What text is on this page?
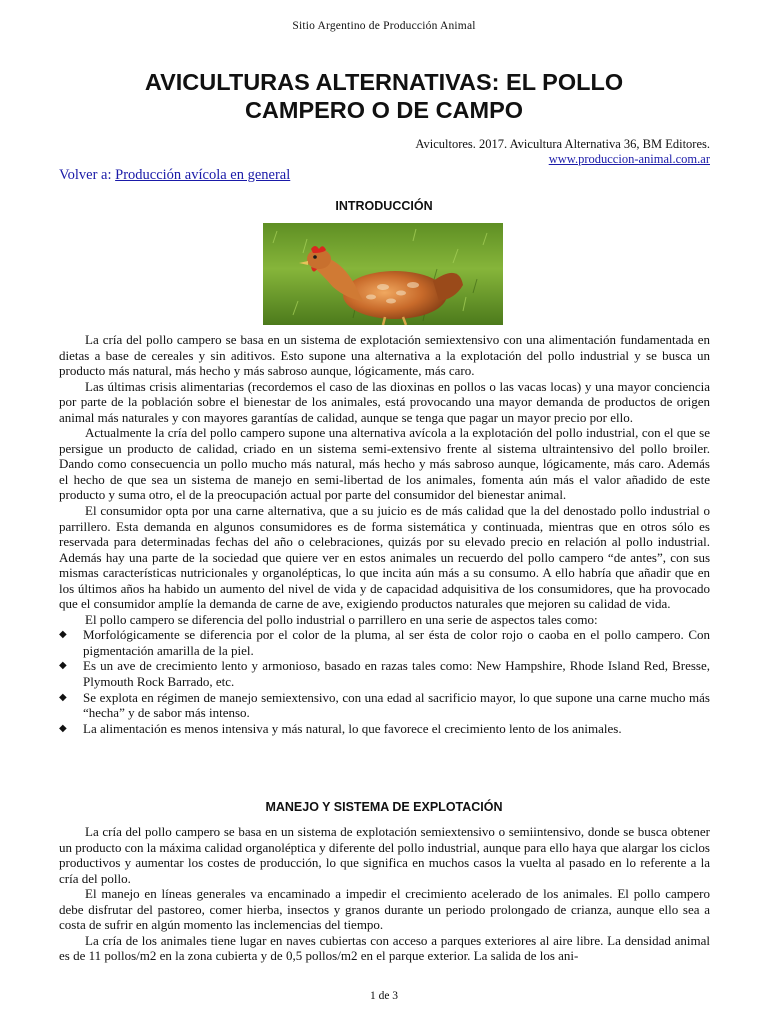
Sitio Argentino de Producción Animal
AVICULTURAS ALTERNATIVAS: EL POLLO
CAMPERO O DE CAMPO
Avicultores. 2017. Avicultura Alternativa 36, BM Editores.
www.produccion-animal.com.ar
Volver a: Producción avícola en general
INTRODUCCIÓN

La cría del pollo campero se basa en un sistema de explotación semiextensivo con una alimentación fundamentada en dietas a base de cereales y sin aditivos. Esto supone una alternativa a la explotación del pollo industrial y se busca un producto más natural, más hecho y más sabroso aunque, lógicamente, más caro.

Las últimas crisis alimentarias (recordemos el caso de las dioxinas en pollos o las vacas locas) y una mayor conciencia por parte de la población sobre el bienestar de los animales, está provocando una mayor demanda de productos de origen animal más naturales y con mayores garantías de calidad, aunque se tenga que pagar un mayor precio por ello.

Actualmente la cría del pollo campero supone una alternativa avícola a la explotación del pollo industrial, con el que se persigue un producto de calidad, criado en un sistema semi-extensivo frente al sistema ultraintensivo del pollo broiler. Dando como consecuencia un pollo mucho más natural, más hecho y más sabroso aunque, lógicamente, más caro. Además el hecho de que sea un sistema de manejo en semi-libertad de los animales, fomenta aún más el valor añadido de este producto y suma otro, el de la preocupación actual por parte del consumidor del bienestar animal.

El consumidor opta por una carne alternativa, que a su juicio es de más calidad que la del denostado pollo industrial o parrillero. Esta demanda en algunos consumidores es de forma sistemática y continuada, mientras que en otros sólo es reservada para determinadas fechas del año o celebraciones, quizás por su elevado precio en relación al pollo industrial. Además hay una parte de la sociedad que quiere ver en estos animales un recuerdo del pollo campero “de antes”, con sus mismas características nutricionales y organolépticas, lo que incita aún más a su consumo. A ello habría que añadir que en los últimos años ha habido un aumento del nivel de vida y de capacidad adquisitiva de los consumidores, que ha provocado que el consumidor amplíe la demanda de carne de ave, exigiendo productos naturales que mejoren su calidad de vida.

El pollo campero se diferencia del pollo industrial o parrillero en una serie de aspectos tales como:

◆ Morfológicamente se diferencia por el color de la pluma, al ser ésta de color rojo o caoba en el pollo campero. Con pigmentación amarilla de la piel.
◆ Es un ave de crecimiento lento y armonioso, basado en razas tales como: New Hampshire, Rhode Island Red, Bresse, Plymouth Rock Barrado, etc.
◆ Se explota en régimen de manejo semiextensivo, con una edad al sacrificio mayor, lo que supone una carne mucho más “hecha” y de sabor más intenso.
◆ La alimentación es menos intensiva y más natural, lo que favorece el crecimiento lento de los animales.
MANEJO Y SISTEMA DE EXPLOTACIÓN

La cría del pollo campero se basa en un sistema de explotación semiextensivo o semiintensivo, donde se busca obtener un producto con la máxima calidad organoléptica y diferente del pollo industrial, aunque para ello haya que alargar los ciclos productivos y aumentar los costes de producción, lo que significa en muchos casos la vuelta al pasado en lo referente a la cría del pollo.

El manejo en líneas generales va encaminado a impedir el crecimiento acelerado de los animales. El pollo campero debe disfrutar del pastoreo, comer hierba, insectos y granos durante un periodo prolongado de crianza, aunque ello sea a costa de sufrir en algún momento las inclemencias del tiempo.

La cría de los animales tiene lugar en naves cubiertas con acceso a parques exteriores al aire libre. La densidad animal es de 11 pollos/m2 en la zona cubierta y de 0,5 pollos/m2 en el parque exterior. La salida de los ani-

1 de 3
